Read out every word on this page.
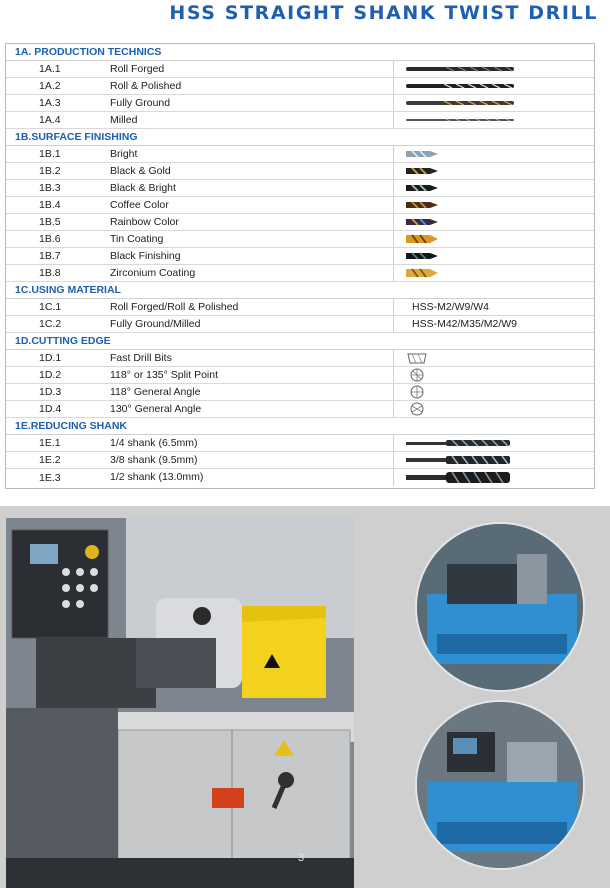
HSS STRAIGHT SHANK TWIST DRILL
1A. PRODUCTION TECHNICS
1A.1	Roll Forged
1A.2	Roll & Polished
1A.3	Fully Ground
1A.4	Milled
1B.SURFACE FINISHING
1B.1	Bright
1B.2	Black & Gold
1B.3	Black & Bright
1B.4	Coffee Color
1B.5	Rainbow Color
1B.6	Tin Coating
1B.7	Black Finishing
1B.8	Zirconium Coating
1C.USING MATERIAL
1C.1	Roll Forged/Roll & Polished	HSS-M2/W9/W4
1C.2	Fully Ground/Milled	HSS-M42/M35/M2/W9
1D.CUTTING EDGE
1D.1	Fast Drill Bits
1D.2	118° or 135° Split Point
1D.3	118° General Angle
1D.4	130° General Angle
1E.REDUCING SHANK
1E.1	1/4 shank (6.5mm)
1E.2	3/8 shank (9.5mm)
1E.3	1/2 shank (13.0mm)
3
